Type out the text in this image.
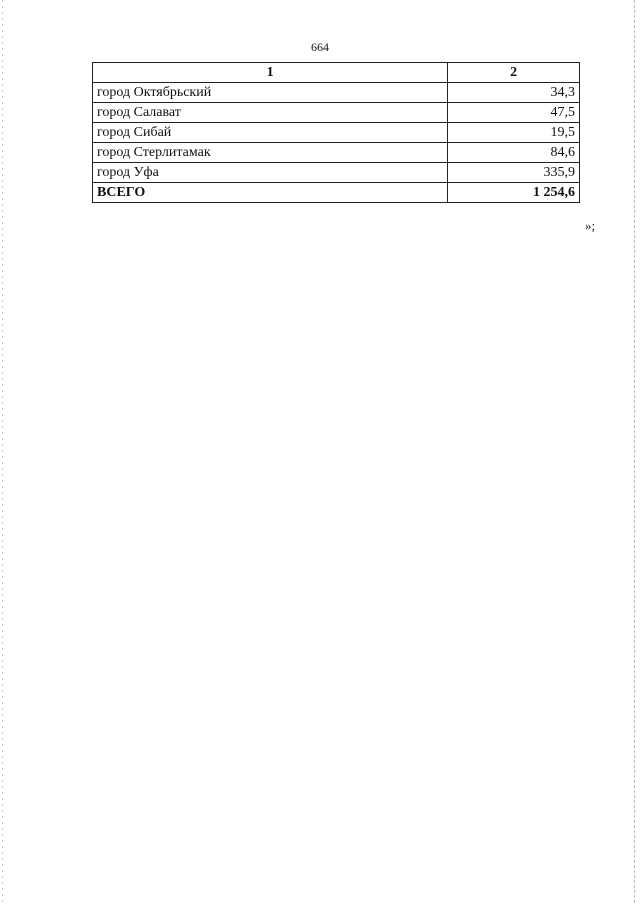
664
1	2
город Октябрьский	34,3
город Салават	47,5
город Сибай	19,5
город Стерлитамак	84,6
город Уфа	335,9
ВСЕГО	1 254,6
»;
